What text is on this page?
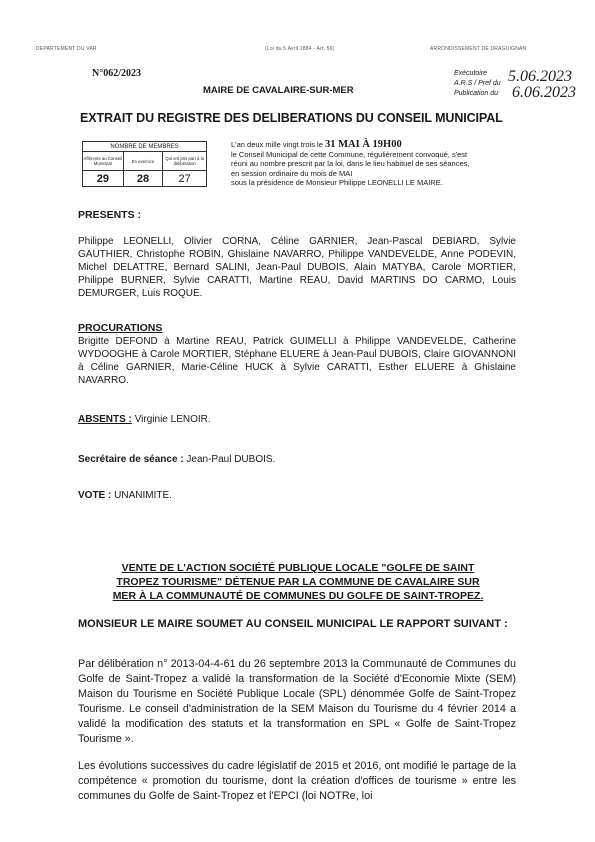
DEPARTEMENT DU VAR	(Loi du 5 Avril 1884 - Art. 56)	ARRONDISSEMENT DE DRAGUIGNAN
N°062/2023
MAIRE DE CAVALAIRE-SUR-MER
Exécutoire
A.R.S / Pref du
Publication du
5.06.2023
6.06.2023
EXTRAIT DU REGISTRE DES DELIBERATIONS DU CONSEIL MUNICIPAL
NOMBRE DE MEMBRES		
Afférents au Conseil Municipal	En exercice	Qui ont pris part à la délibération
29	28	27
L'an deux mille vingt trois le 31 MAI À 19H00
le Conseil Municipal de cette Commune, régulièrement convoqué, s'est
réuni au nombre prescrit par la loi, dans le lieu habituel de ses séances,
en session ordinaire du mois de MAI
sous la présidence de Monsieur Philippe LEONELLI LE MAIRE.
PRESENTS :
Philippe LEONELLI, Olivier CORNA, Céline GARNIER, Jean-Pascal DEBIARD, Sylvie GAUTHIER, Christophe ROBIN, Ghislaine NAVARRO, Philippe VANDEVELDE, Anne PODEVIN, Michel DELATTRE, Bernard SALINI, Jean-Paul DUBOIS, Alain MATYBA, Carole MORTIER, Philippe BURNER, Sylvie CARATTI, Martine REAU, David MARTINS DO CARMO, Louis DEMURGER, Luis ROQUE.
PROCURATIONS
Brigitte DEFOND à Martine REAU, Patrick GUIMELLI à Philippe VANDEVELDE, Catherine WYDOOGHE à Carole MORTIER, Stéphane ELUERE à Jean-Paul DUBOIS, Claire GIOVANNONI à Céline GARNIER, Marie-Céline HUCK à Sylvie CARATTI, Esther ELUERE à Ghislaine NAVARRO.
ABSENTS : Virginie LENOIR.
Secrétaire de séance : Jean-Paul DUBOIS.
VOTE : UNANIMITE.
VENTE DE L'ACTION SOCIÉTÉ PUBLIQUE LOCALE "GOLFE DE SAINT
TROPEZ TOURISME" DÉTENUE PAR LA COMMUNE DE CAVALAIRE SUR
MER À LA COMMUNAUTÉ DE COMMUNES DU GOLFE DE SAINT-TROPEZ.
MONSIEUR LE MAIRE SOUMET AU CONSEIL MUNICIPAL LE RAPPORT SUIVANT :
Par délibération n° 2013-04-4-61 du 26 septembre 2013 la Communauté de Communes du Golfe de Saint-Tropez a validé la transformation de la Société d'Economie Mixte (SEM) Maison du Tourisme en Société Publique Locale (SPL) dénommée Golfe de Saint-Tropez Tourisme. Le conseil d'administration de la SEM Maison du Tourisme du 4 février 2014 a validé la modification des statuts et la transformation en SPL « Golfe de Saint-Tropez Tourisme ».
Les évolutions successives du cadre législatif de 2015 et 2016, ont modifié le partage de la compétence « promotion du tourisme, dont la création d'offices de tourisme » entre les communes du Golfe de Saint-Tropez et l'EPCI (loi NOTRe, loi
